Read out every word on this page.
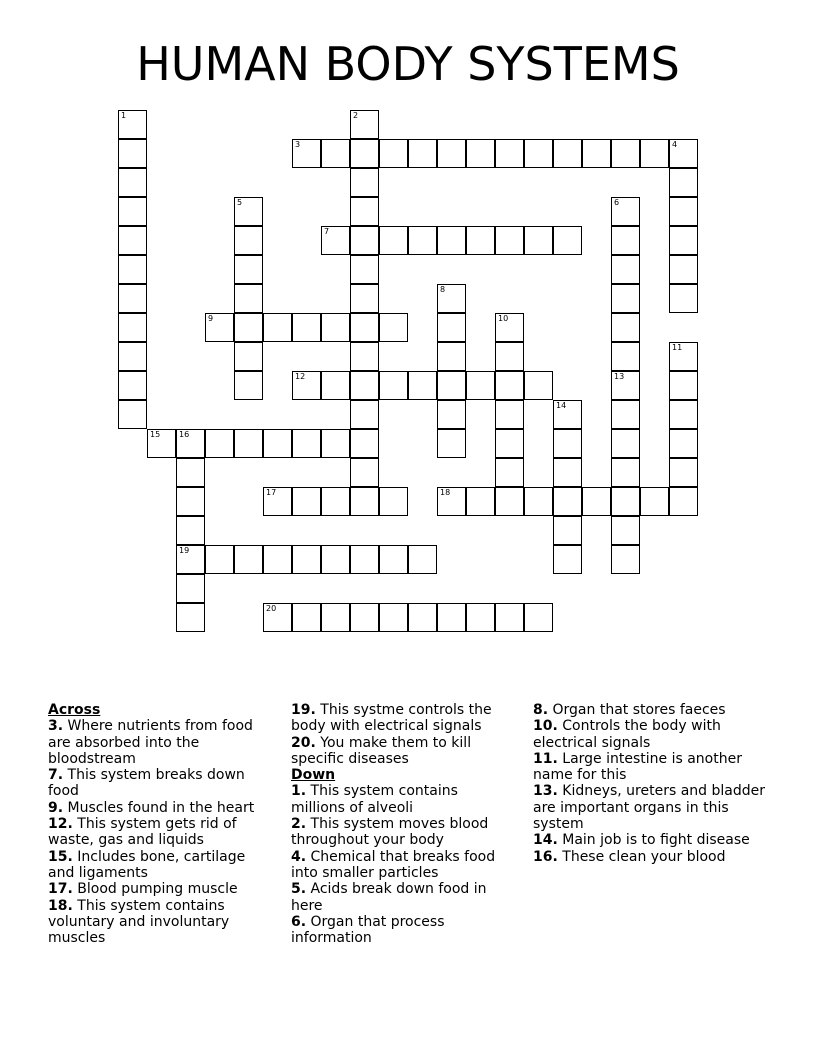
HUMAN BODY SYSTEMS
1	2
3	4
5	6
7
8
9	10
11
12	13
14
15 16
19
17	18
20
Across
3. Where nutrients from food are absorbed into the bloodstream
7. This system breaks down food
9. Muscles found in the heart
12. This system gets rid of waste, gas and liquids
15. Includes bone, cartilage and ligaments
17. Blood pumping muscle
18. This system contains voluntary and involuntary muscles
19. This systme controls the body with electrical signals
20. You make them to kill specific diseases
Down
1. This system contains millions of alveoli
2. This system moves blood throughout your body
4. Chemical that breaks food into smaller particles
5. Acids break down food in here
6. Organ that process information
8. Organ that stores faeces
10. Controls the body with electrical signals
11. Large intestine is another name for this
13. Kidneys, ureters and bladder are important organs in this system
14. Main job is to fight disease
16. These clean your blood
